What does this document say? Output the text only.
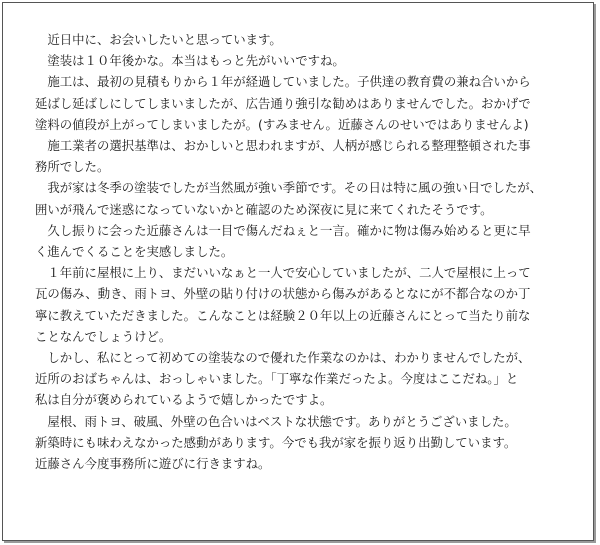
　近日中に、お会いしたいと思っています。

　塗装は１０年後かな。本当はもっと先がいいですね。

　施工は、最初の見積もりから１年が経過していました。子供達の教育費の兼ね合いから
延ばし延ばしにしてしまいましたが、広告通り強引な勧めはありませんでした。おかげで
塗料の値段が上がってしまいましたが。(すみません。近藤さんのせいではありませんよ)

　施工業者の選択基準は、おかしいと思われますが、人柄が感じられる整理整頓された事
務所でした。

　我が家は冬季の塗装でしたが当然風が強い季節です。その日は特に風の強い日でしたが、
囲いが飛んで迷惑になっていないかと確認のため深夜に見に来てくれたそうです。

　久し振りに会った近藤さんは一目で傷んだねぇと一言。確かに物は傷み始めると更に早
く進んでくることを実感しました。

　１年前に屋根に上り、まだいいなぁと一人で安心していましたが、二人で屋根に上って
瓦の傷み、動き、雨トヨ、外壁の貼り付けの状態から傷みがあるとなにが不都合なのか丁
寧に教えていただきました。こんなことは経験２０年以上の近藤さんにとって当たり前な
ことなんでしょうけど。

　しかし、私にとって初めての塗装なので優れた作業なのかは、わかりませんでしたが、
近所のおばちゃんは、おっしゃいました。「丁寧な作業だったよ。今度はここだね。」と
私は自分が褒められているようで嬉しかったですよ。

　屋根、雨トヨ、破風、外壁の色合いはベストな状態です。ありがとうございました。
新築時にも味わえなかった感動があります。今でも我が家を振り返り出勤しています。
近藤さん今度事務所に遊びに行きますね。
